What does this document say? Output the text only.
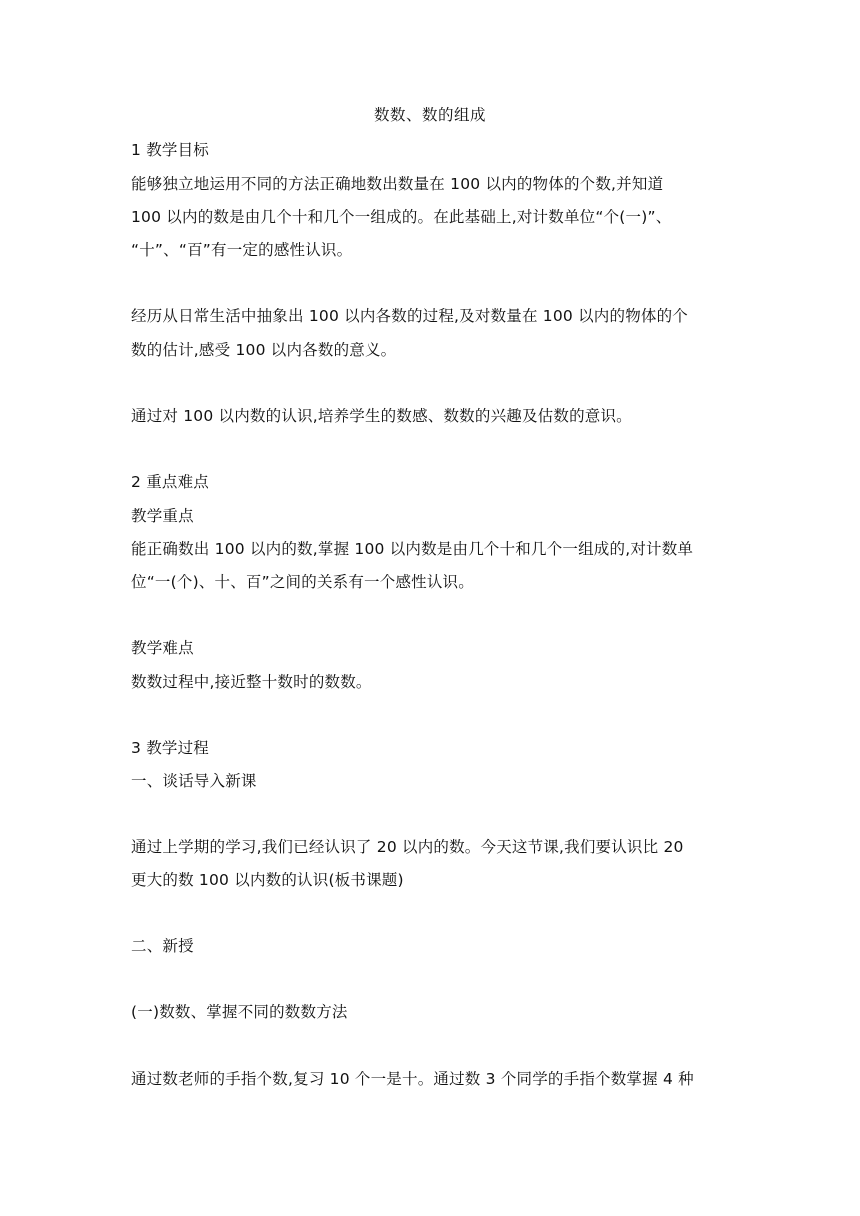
数数、数的组成
1 教学目标
能够独立地运用不同的方法正确地数出数量在 100 以内的物体的个数,并知道
100 以内的数是由几个十和几个一组成的。在此基础上,对计数单位“个(一)”、
“十”、“百”有一定的感性认识。
经历从日常生活中抽象出 100 以内各数的过程,及对数量在 100 以内的物体的个
数的估计,感受 100 以内各数的意义。
通过对 100 以内数的认识,培养学生的数感、数数的兴趣及估数的意识。
2 重点难点
教学重点
能正确数出 100 以内的数,掌握 100 以内数是由几个十和几个一组成的,对计数单
位“一(个)、十、百”之间的关系有一个感性认识。
教学难点
数数过程中,接近整十数时的数数。
3 教学过程
一、谈话导入新课
通过上学期的学习,我们已经认识了 20 以内的数。今天这节课,我们要认识比 20
更大的数 100 以内数的认识(板书课题)
二、新授
(一)数数、掌握不同的数数方法
通过数老师的手指个数,复习 10 个一是十。通过数 3 个同学的手指个数掌握 4 种
